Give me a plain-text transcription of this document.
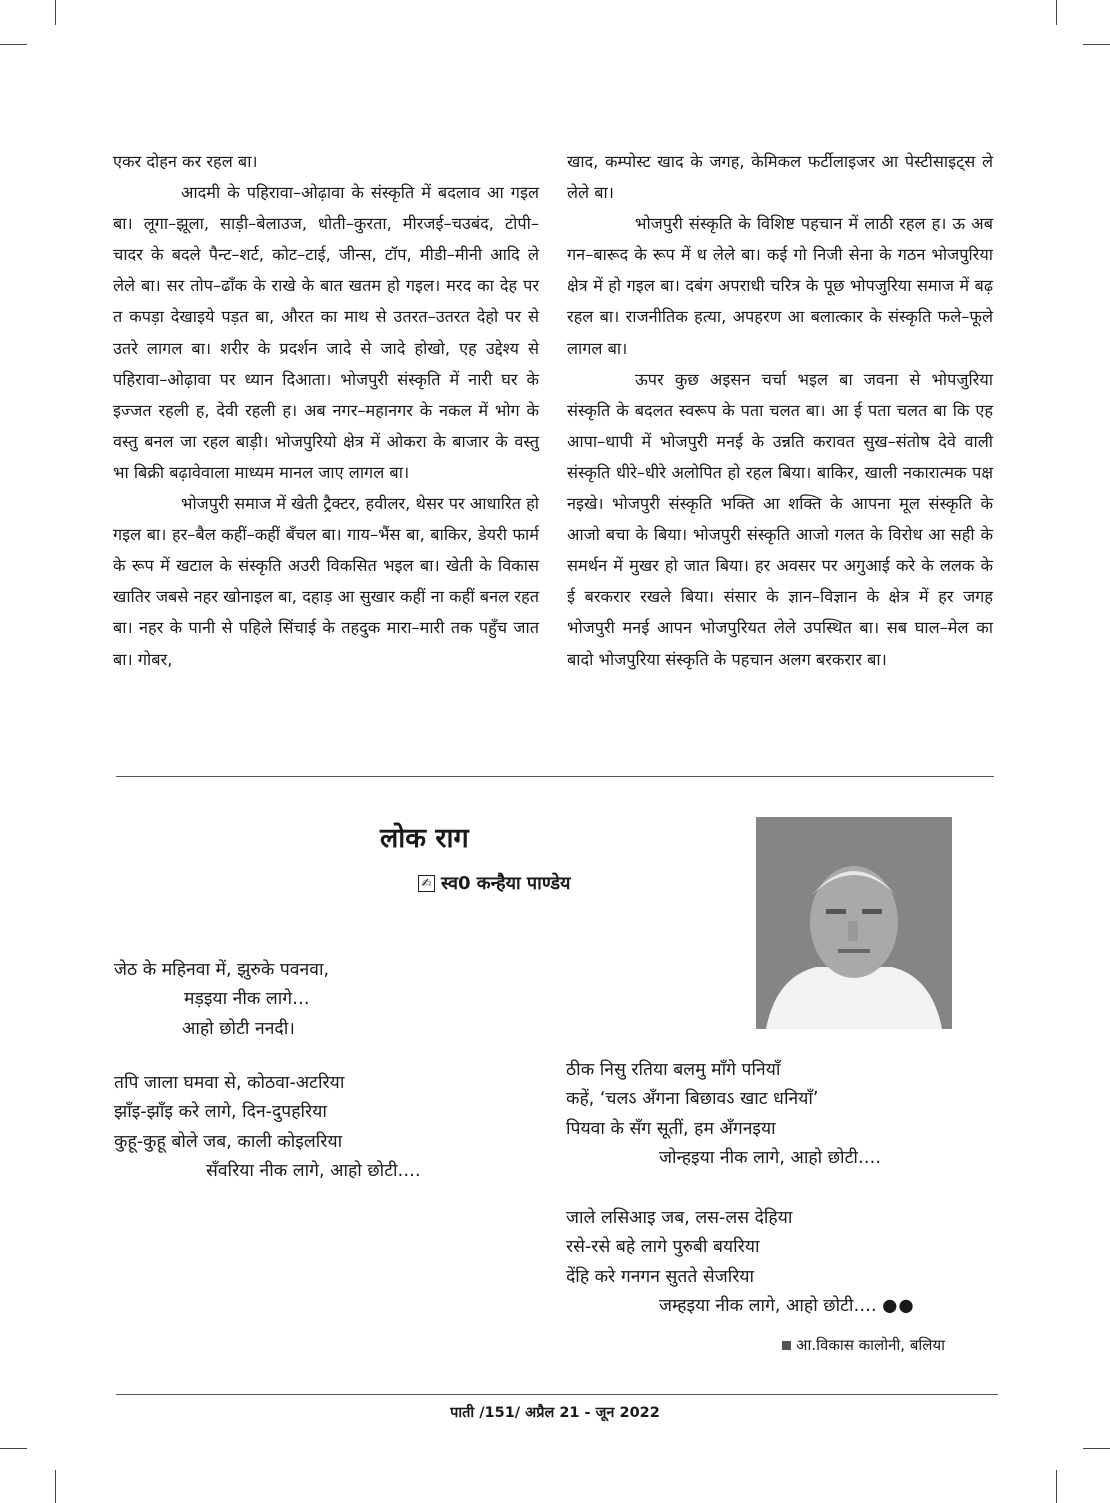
एकर दोहन कर रहल बा।

आदमी के पहिरावा–ओढ़ावा के संस्कृति में बदलाव आ गइल बा। लूगा–झूला, साड़ी–बेलाउज, धोती–कुरता, मीरजई–चउबंद, टोपी–चादर के बदले पैन्ट–शर्ट, कोट–टाई, जीन्स, टॉप, मीडी–मीनी आदि ले लेले बा। सर तोप–ढाँक के राखे के बात खतम हो गइल। मरद का देह पर त कपड़ा देखाइये पड़त बा, औरत का माथ से उतरत–उतरत देहो पर से उतरे लागल बा। शरीर के प्रदर्शन जादे से जादे होखो, एह उद्देश्य से पहिरावा–ओढ़ावा पर ध्यान दिआता। भोजपुरी संस्कृति में नारी घर के इज्जत रहली ह, देवी रहली ह। अब नगर–महानगर के नकल में भोग के वस्तु बनल जा रहल बाड़ी। भोजपुरियो क्षेत्र में ओकरा के बाजार के वस्तु भा बिक्री बढ़ावेवाला माध्यम मानल जाए लागल बा।

भोजपुरी समाज में खेती ट्रैक्टर, हवीलर, थेसर पर आधारित हो गइल बा। हर–बैल कहीं–कहीं बँचल बा। गाय–भैंस बा, बाकिर, डेयरी फार्म के रूप में खटाल के संस्कृति अउरी विकसित भइल बा। खेती के विकास खातिर जबसे नहर खोनाइल बा, दहाड़ आ सुखार कहीं ना कहीं बनल रहत बा। नहर के पानी से पहिले सिंचाई के तहदुक मारा–मारी तक पहुँच जात बा। गोबर,

खाद, कम्पोस्ट खाद के जगह, केमिकल फर्टीलाइजर आ पेस्टीसाइट्स ले लेले बा।

भोजपुरी संस्कृति के विशिष्ट पहचान में लाठी रहल ह। ऊ अब गन–बारूद के रूप में ध लेले बा। कई गो निजी सेना के गठन भोजपुरिया क्षेत्र में हो गइल बा। दबंग अपराधी चरित्र के पूछ भोपजुरिया समाज में बढ़ रहल बा। राजनीतिक हत्या, अपहरण आ बलात्कार के संस्कृति फले–फूले लागल बा।

ऊपर कुछ अइसन चर्चा भइल बा जवना से भोपजुरिया संस्कृति के बदलत स्वरूप के पता चलत बा। आ ई पता चलत बा कि एह आपा–धापी में भोजपुरी मनई के उन्नति करावत सुख–संतोष देवे वाली संस्कृति धीरे–धीरे अलोपित हो रहल बिया। बाकिर, खाली नकारात्मक पक्ष नइखे। भोजपुरी संस्कृति भक्ति आ शक्ति के आपना मूल संस्कृति के आजो बचा के बिया। भोजपुरी संस्कृति आजो गलत के विरोध आ सही के समर्थन में मुखर हो जात बिया। हर अवसर पर अगुआई करे के ललक के ई बरकरार रखले बिया। संसार के ज्ञान–विज्ञान के क्षेत्र में हर जगह भोजपुरी मनई आपन भोजपुरियत लेले उपस्थित बा। सब घाल–मेल का बादो भोजपुरिया संस्कृति के पहचान अलग बरकरार बा।

लोक राग
✍ स्व0 कन्हैया पाण्डेय
जेठ के महिनवा में, झुरुके पवनवा,
मड़इया नीक लागे…
आहो छोटी ननदी।
तपि जाला घमवा से, कोठवा-अटरिया
झाँइ-झाँइ करे लागे, दिन-दुपहरिया
कुहू-कुहू बोले जब, काली कोइलरिया
सँवरिया नीक लागे, आहो छोटी….
ठीक निसु रतिया बलमु माँगे पनियाँ
कहें, ‘चलऽ अँगना बिछावऽ खाट धनियाँ’
पियवा के सँग सूतीं, हम अँगनइया
जोन्हइया नीक लागे, आहो छोटी….
जाले लसिआइ जब, लस-लस देहिया
रसे-रसे बहे लागे पुरुबी बयरिया
देंहि करे गनगन सुतते सेजरिया
जम्हइया नीक लागे, आहो छोटी…. ●●
आ.विकास कालोनी, बलिया
पाती /151/ अप्रैल 21 - जून 2022
